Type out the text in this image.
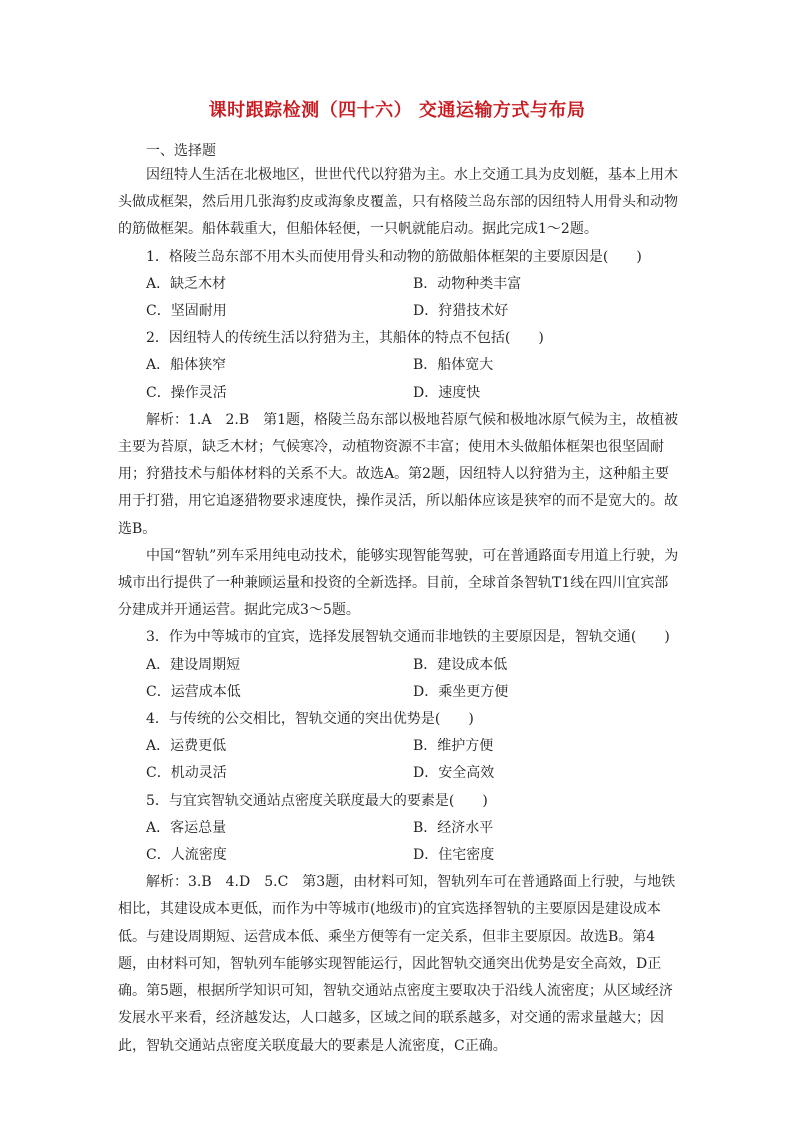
课时跟踪检测（四十六） 交通运输方式与布局
一、选择题

因纽特人生活在北极地区，世世代代以狩猎为主。水上交通工具为皮划艇，基本上用木头做成框架，然后用几张海豹皮或海象皮覆盖，只有格陵兰岛东部的因纽特人用骨头和动物的筋做框架。船体载重大，但船体轻便，一只帆就能启动。据此完成1～2题。

1．格陵兰岛东部不用木头而使用骨头和动物的筋做船体框架的主要原因是(　　)

A．缺乏木材	B．动物种类丰富
C．坚固耐用	D．狩猎技术好

2．因纽特人的传统生活以狩猎为主，其船体的特点不包括(　　)

A．船体狭窄	B．船体宽大
C．操作灵活	D．速度快

解析：1.A　2.B　第1题，格陵兰岛东部以极地苔原气候和极地冰原气候为主，故植被主要为苔原，缺乏木材；气候寒冷，动植物资源不丰富；使用木头做船体框架也很坚固耐用；狩猎技术与船体材料的关系不大。故选A。第2题，因纽特人以狩猎为主，这种船主要用于打猎，用它追逐猎物要求速度快，操作灵活，所以船体应该是狭窄的而不是宽大的。故选B。

中国“智轨”列车采用纯电动技术，能够实现智能驾驶，可在普通路面专用道上行驶，为城市出行提供了一种兼顾运量和投资的全新选择。目前，全球首条智轨T1线在四川宜宾部分建成并开通运营。据此完成3～5题。

3．作为中等城市的宜宾，选择发展智轨交通而非地铁的主要原因是，智轨交通(　　)

A．建设周期短	B．建设成本低
C．运营成本低	D．乘坐更方便

4．与传统的公交相比，智轨交通的突出优势是(　　)

A．运费更低	B．维护方便
C．机动灵活	D．安全高效

5．与宜宾智轨交通站点密度关联度最大的要素是(　　)

A．客运总量	B．经济水平
C．人流密度	D．住宅密度

解析：3.B　4.D　5.C　第3题，由材料可知，智轨列车可在普通路面上行驶，与地铁相比，其建设成本更低，而作为中等城市(地级市)的宜宾选择智轨的主要原因是建设成本低。与建设周期短、运营成本低、乘坐方便等有一定关系，但非主要原因。故选B。第4题，由材料可知，智轨列车能够实现智能运行，因此智轨交通突出优势是安全高效，D正确。第5题，根据所学知识可知，智轨交通站点密度主要取决于沿线人流密度；从区域经济发展水平来看，经济越发达，人口越多，区域之间的联系越多，对交通的需求量越大；因此，智轨交通站点密度关联度最大的要素是人流密度，C正确。
